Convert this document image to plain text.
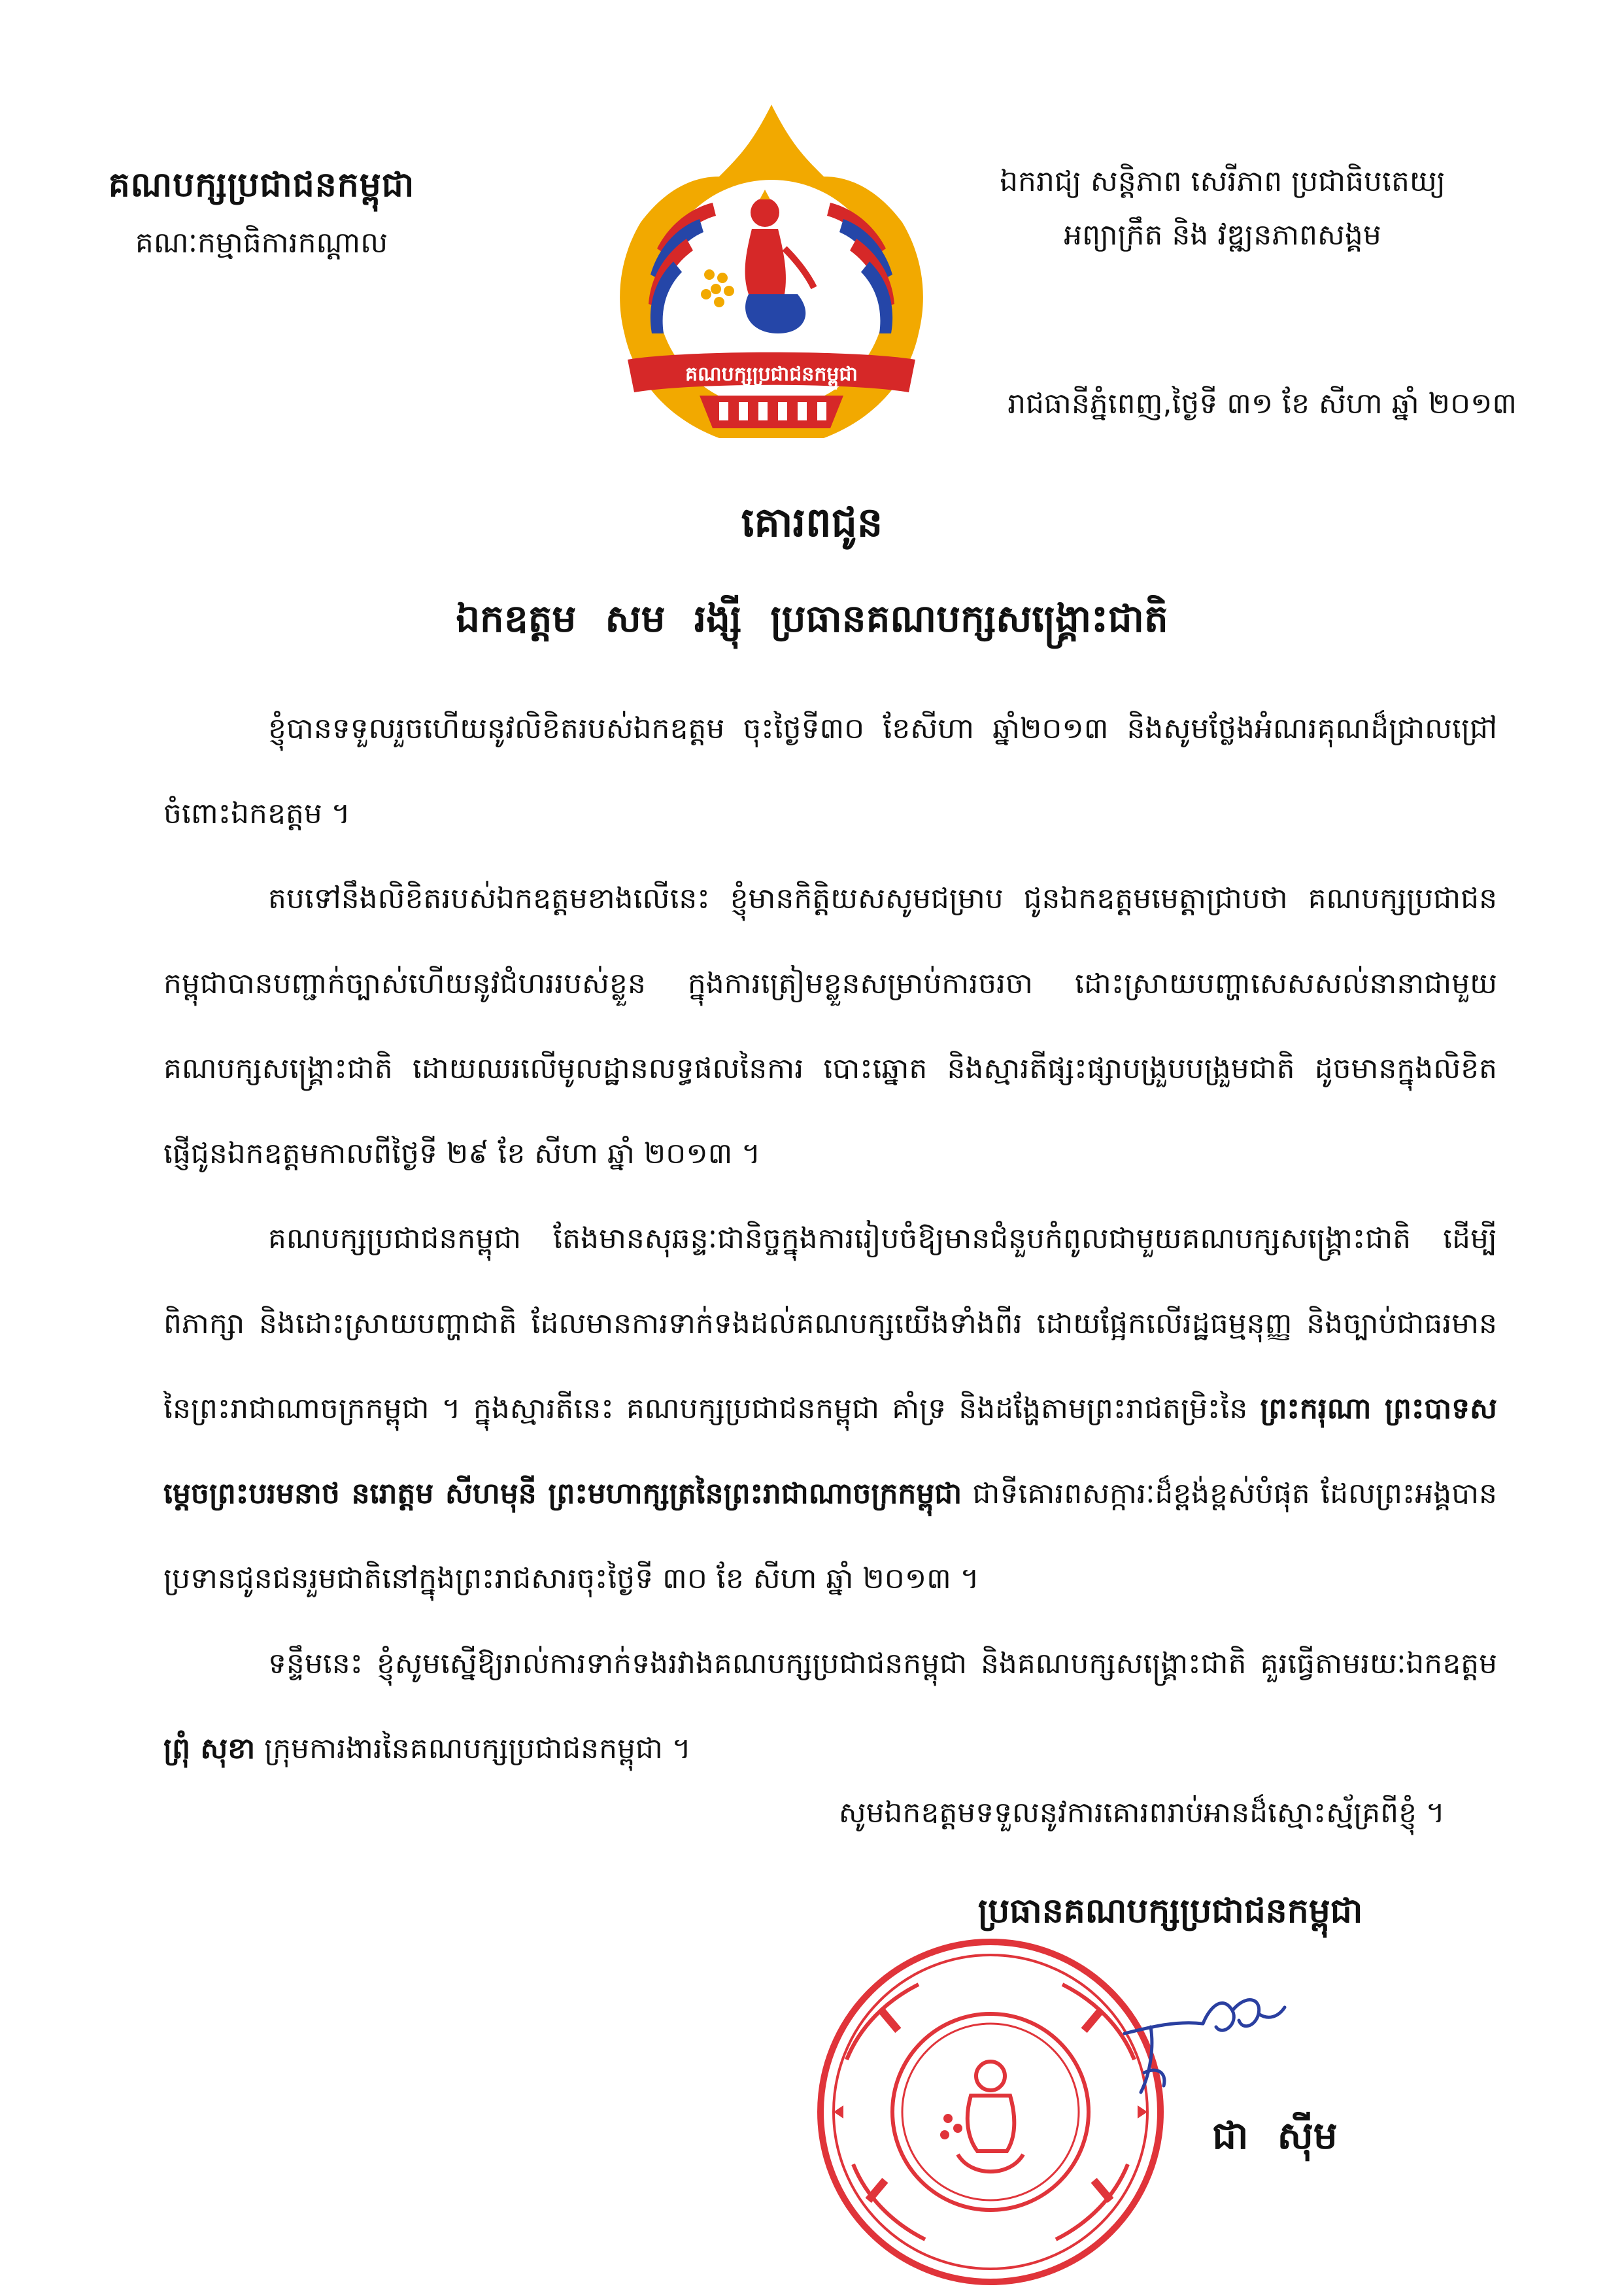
គណបក្សប្រជាជនកម្ពុជា
គណៈកម្មាធិការកណ្តាល
គណបក្សប្រជាជនកម្ពុជា
ឯករាជ្យ សន្តិភាព សេរីភាព ប្រជាធិបតេយ្យ
អព្យាក្រឹត និង វឌ្ឍនភាពសង្គម
រាជធានីភ្នំពេញ,ថ្ងៃទី ៣១ ខែ សីហា ឆ្នាំ ២០១៣
គោរពជូន
ឯកឧត្តម សម រង្ស៊ី ប្រធានគណបក្សសង្គ្រោះជាតិ

ខ្ញុំបានទទួលរួចហើយនូវលិខិតរបស់ឯកឧត្តម ចុះថ្ងៃទី៣០ ខែសីហា ឆ្នាំ២០១៣ និងសូមថ្លែងអំណរគុណដ៏ជ្រាលជ្រៅចំពោះឯកឧត្តម ។

តបទៅនឹងលិខិតរបស់ឯកឧត្តមខាងលើនេះ ខ្ញុំមានកិត្តិយសសូមជម្រាប ជូនឯកឧត្តមមេត្តាជ្រាបថា គណបក្សប្រជាជនកម្ពុជាបានបញ្ជាក់ច្បាស់ហើយនូវជំហររបស់ខ្លួន ក្នុងការត្រៀមខ្លួនសម្រាប់ការចរចា ដោះស្រាយបញ្ហាសេសសល់នានាជាមួយគណបក្សសង្គ្រោះជាតិ ដោយឈរលើមូលដ្ឋានលទ្ធផលនៃការ បោះឆ្នោត និងស្មារតីផ្សះផ្សាបង្រួបបង្រួមជាតិ ដូចមានក្នុងលិខិតផ្ញើជូនឯកឧត្តមកាលពីថ្ងៃទី ២៩ ខែ សីហា ឆ្នាំ ២០១៣ ។

គណបក្សប្រជាជនកម្ពុជា តែងមានសុឆន្ទៈជានិច្ចក្នុងការរៀបចំឱ្យមានជំនួបកំពូលជាមួយគណបក្សសង្គ្រោះជាតិ ដើម្បីពិភាក្សា និងដោះស្រាយបញ្ហាជាតិ ដែលមានការទាក់ទងដល់គណបក្សយើងទាំងពីរ ដោយផ្អែកលើរដ្ឋធម្មនុញ្ញ និងច្បាប់ជាធរមាននៃព្រះរាជាណាចក្រកម្ពុជា ។ ក្នុងស្មារតីនេះ គណបក្សប្រជាជនកម្ពុជា គាំទ្រ និងដង្ហែតាមព្រះរាជតម្រិះនៃ ព្រះករុណា ព្រះបាទសម្តេចព្រះបរមនាថ នរោត្តម សីហមុនី ព្រះមហាក្សត្រនៃព្រះរាជាណាចក្រកម្ពុជា ជាទីគោរពសក្ការៈដ៏ខ្ពង់ខ្ពស់បំផុត ដែលព្រះអង្គបានប្រទានជូនជនរួមជាតិនៅក្នុងព្រះរាជសារចុះថ្ងៃទី ៣០ ខែ សីហា ឆ្នាំ ២០១៣ ។

ទន្ទឹមនេះ ខ្ញុំសូមស្នើឱ្យរាល់ការទាក់ទងរវាងគណបក្សប្រជាជនកម្ពុជា និងគណបក្សសង្គ្រោះជាតិ គួរធ្វើតាមរយៈឯកឧត្តម ព្រុំ សុខា ក្រុមការងារនៃគណបក្សប្រជាជនកម្ពុជា ។

សូមឯកឧត្តមទទួលនូវការគោរពរាប់អានដ៏ស្មោះស្ម័គ្រពីខ្ញុំ ។
ប្រធានគណបក្សប្រជាជនកម្ពុជា
ជា ស៊ីម
